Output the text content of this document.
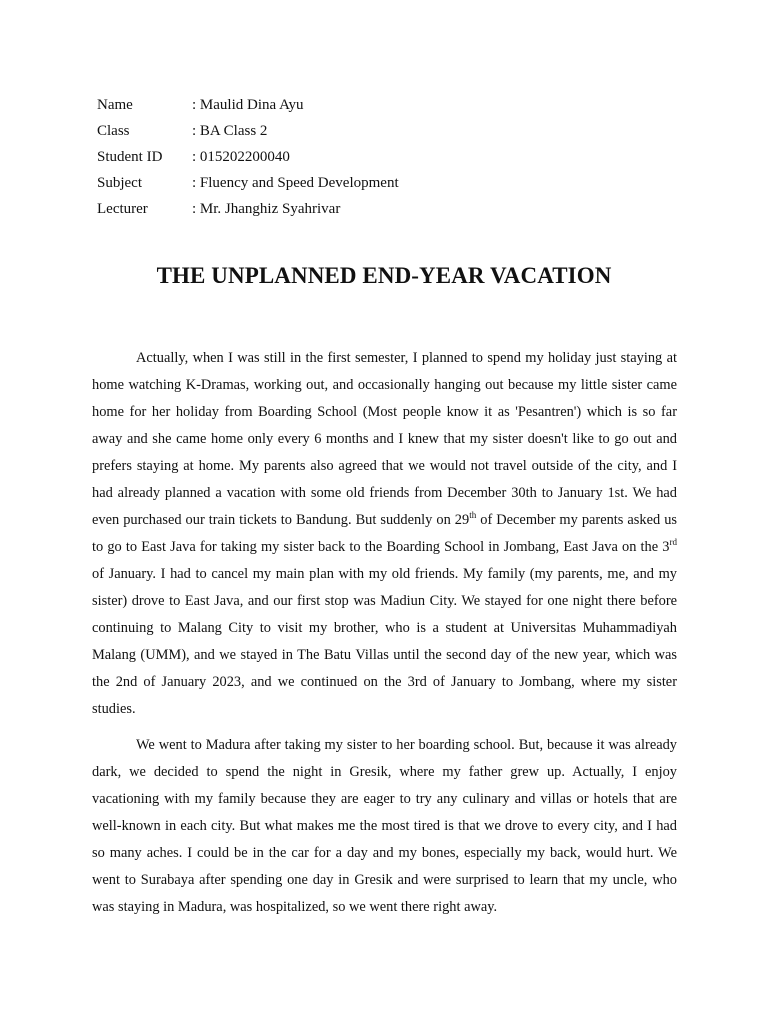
Name	: Maulid Dina Ayu
Class	: BA Class 2
Student ID	: 015202200040
Subject	: Fluency and Speed Development
Lecturer	: Mr. Jhanghiz Syahrivar
THE UNPLANNED END-YEAR VACATION

Actually, when I was still in the first semester, I planned to spend my holiday just staying at home watching K-Dramas, working out, and occasionally hanging out because my little sister came home for her holiday from Boarding School (Most people know it as 'Pesantren') which is so far away and she came home only every 6 months and I knew that my sister doesn't like to go out and prefers staying at home. My parents also agreed that we would not travel outside of the city, and I had already planned a vacation with some old friends from December 30th to January 1st. We had even purchased our train tickets to Bandung. But suddenly on 29th of December my parents asked us to go to East Java for taking my sister back to the Boarding School in Jombang, East Java on the 3rd of January. I had to cancel my main plan with my old friends. My family (my parents, me, and my sister) drove to East Java, and our first stop was Madiun City. We stayed for one night there before continuing to Malang City to visit my brother, who is a student at Universitas Muhammadiyah Malang (UMM), and we stayed in The Batu Villas until the second day of the new year, which was the 2nd of January 2023, and we continued on the 3rd of January to Jombang, where my sister studies.

We went to Madura after taking my sister to her boarding school. But, because it was already dark, we decided to spend the night in Gresik, where my father grew up. Actually, I enjoy vacationing with my family because they are eager to try any culinary and villas or hotels that are well-known in each city. But what makes me the most tired is that we drove to every city, and I had so many aches. I could be in the car for a day and my bones, especially my back, would hurt. We went to Surabaya after spending one day in Gresik and were surprised to learn that my uncle, who was staying in Madura, was hospitalized, so we went there right away.
